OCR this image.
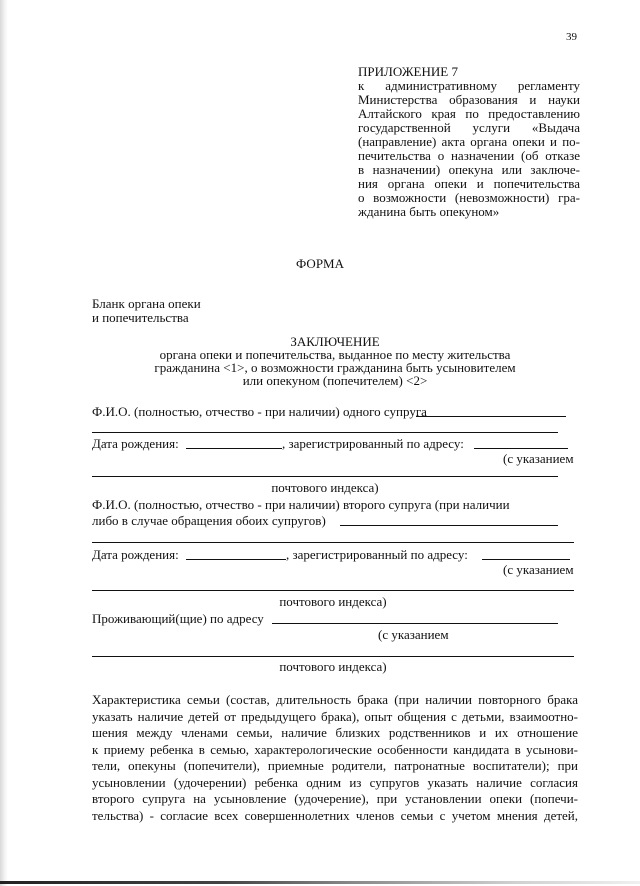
39
ПРИЛОЖЕНИЕ 7
к административному регламенту
Министерства образования и науки
Алтайского края по предоставлению
государственной услуги «Выдача
(направление) акта органа опеки и по-
печительства о назначении (об отказе
в назначении) опекуна или заключе-
ния органа опеки и попечительства
о возможности (невозможности) гра-
жданина быть опекуном»
ФОРМА
Бланк органа опеки
и попечительства
ЗАКЛЮЧЕНИЕ
органа опеки и попечительства, выданное по месту жительства
гражданина <1>, о возможности гражданина быть усыновителем
или опекуном (попечителем) <2>
Ф.И.О. (полностью, отчество - при наличии) одного супруга
Дата рождения:	, зарегистрированный по адресу:
(с указанием
почтового индекса)
Ф.И.О. (полностью, отчество - при наличии) второго супруга (при наличии
либо в случае обращения обоих супругов)
Дата рождения:	, зарегистрированный по адресу:
(с указанием
почтового индекса)
Проживающий(щие) по адресу
(с указанием
почтового индекса)
Характеристика семьи (состав, длительность брака (при наличии повторного брака
указать наличие детей от предыдущего брака), опыт общения с детьми, взаимоотно-
шения между членами семьи, наличие близких родственников и их отношение
к приему ребенка в семью, характерологические особенности кандидата в усынови-
тели, опекуны (попечители), приемные родители, патронатные воспитатели); при
усыновлении (удочерении) ребенка одним из супругов указать наличие согласия
второго супруга на усыновление (удочерение), при установлении опеки (попечи-
тельства) - согласие всех совершеннолетних членов семьи с учетом мнения детей,
